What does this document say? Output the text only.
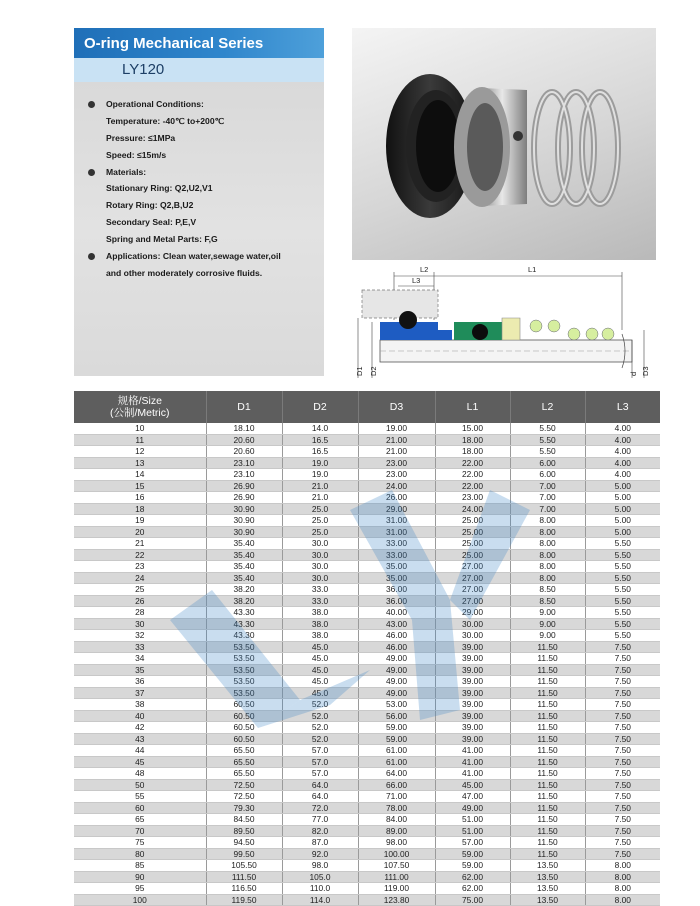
O-ring Mechanical Series
LY120
Operational Conditions:
Temperature: -40℃ to+200℃
Pressure: ≤1MPa
Speed: ≤15m/s
Materials:
Stationary Ring: Q2,U2,V1
Rotary Ring: Q2,B,U2
Secondary Seal: P,E,V
Spring and Metal Parts: F,G
Applications: Clean water,sewage water,oil
and other moderately corrosive fluids.	L2
L3
L1
D1 D2	d D3
规格/Size
(公制/Metric)	D1	D2	D3	L1	L2	L3
10	18.10	14.0	19.00	15.00	5.50	4.00
11	20.60	16.5	21.00	18.00	5.50	4.00
12	20.60	16.5	21.00	18.00	5.50	4.00
13	23.10	19.0	23.00	22.00	6.00	4.00
14	23.10	19.0	23.00	22.00	6.00	4.00
15	26.90	21.0	24.00	22.00	7.00	5.00
16	26.90	21.0	26.00	23.00	7.00	5.00
18	30.90	25.0	29.00	24.00	7.00	5.00
19	30.90	25.0	31.00	25.00	8.00	5.00
20	30.90	25.0	31.00	25.00	8.00	5.00
21	35.40	30.0	33.00	25.00	8.00	5.50
22	35.40	30.0	33.00	25.00	8.00	5.50
23	35.40	30.0	35.00	27.00	8.00	5.50
24	35.40	30.0	35.00	27.00	8.00	5.50
25	38.20	33.0	36.00	27.00	8.50	5.50
26	38.20	33.0	36.00	27.00	8.50	5.50
28	43.30	38.0	40.00	29.00	9.00	5.50
30	43.30	38.0	43.00	30.00	9.00	5.50
32	43.30	38.0	46.00	30.00	9.00	5.50
33	53.50	45.0	46.00	39.00	11.50	7.50
34	53.50	45.0	49.00	39.00	11.50	7.50
35	53.50	45.0	49.00	39.00	11.50	7.50
36	53.50	45.0	49.00	39.00	11.50	7.50
37	53.50	45.0	49.00	39.00	11.50	7.50
38	60.50	52.0	53.00	39.00	11.50	7.50
40	60.50	52.0	56.00	39.00	11.50	7.50
42	60.50	52.0	59.00	39.00	11.50	7.50
43	60.50	52.0	59.00	39.00	11.50	7.50
44	65.50	57.0	61.00	41.00	11.50	7.50
45	65.50	57.0	61.00	41.00	11.50	7.50
48	65.50	57.0	64.00	41.00	11.50	7.50
50	72.50	64.0	66.00	45.00	11.50	7.50
55	72.50	64.0	71.00	47.00	11.50	7.50
60	79.30	72.0	78.00	49.00	11.50	7.50
65	84.50	77.0	84.00	51.00	11.50	7.50
70	89.50	82.0	89.00	51.00	11.50	7.50
75	94.50	87.0	98.00	57.00	11.50	7.50
80	99.50	92.0	100.00	59.00	11.50	7.50
85	105.50	98.0	107.50	59.00	13.50	8.00
90	111.50	105.0	111.00	62.00	13.50	8.00
95	116.50	110.0	119.00	62.00	13.50	8.00
100	119.50	114.0	123.80	75.00	13.50	8.00
